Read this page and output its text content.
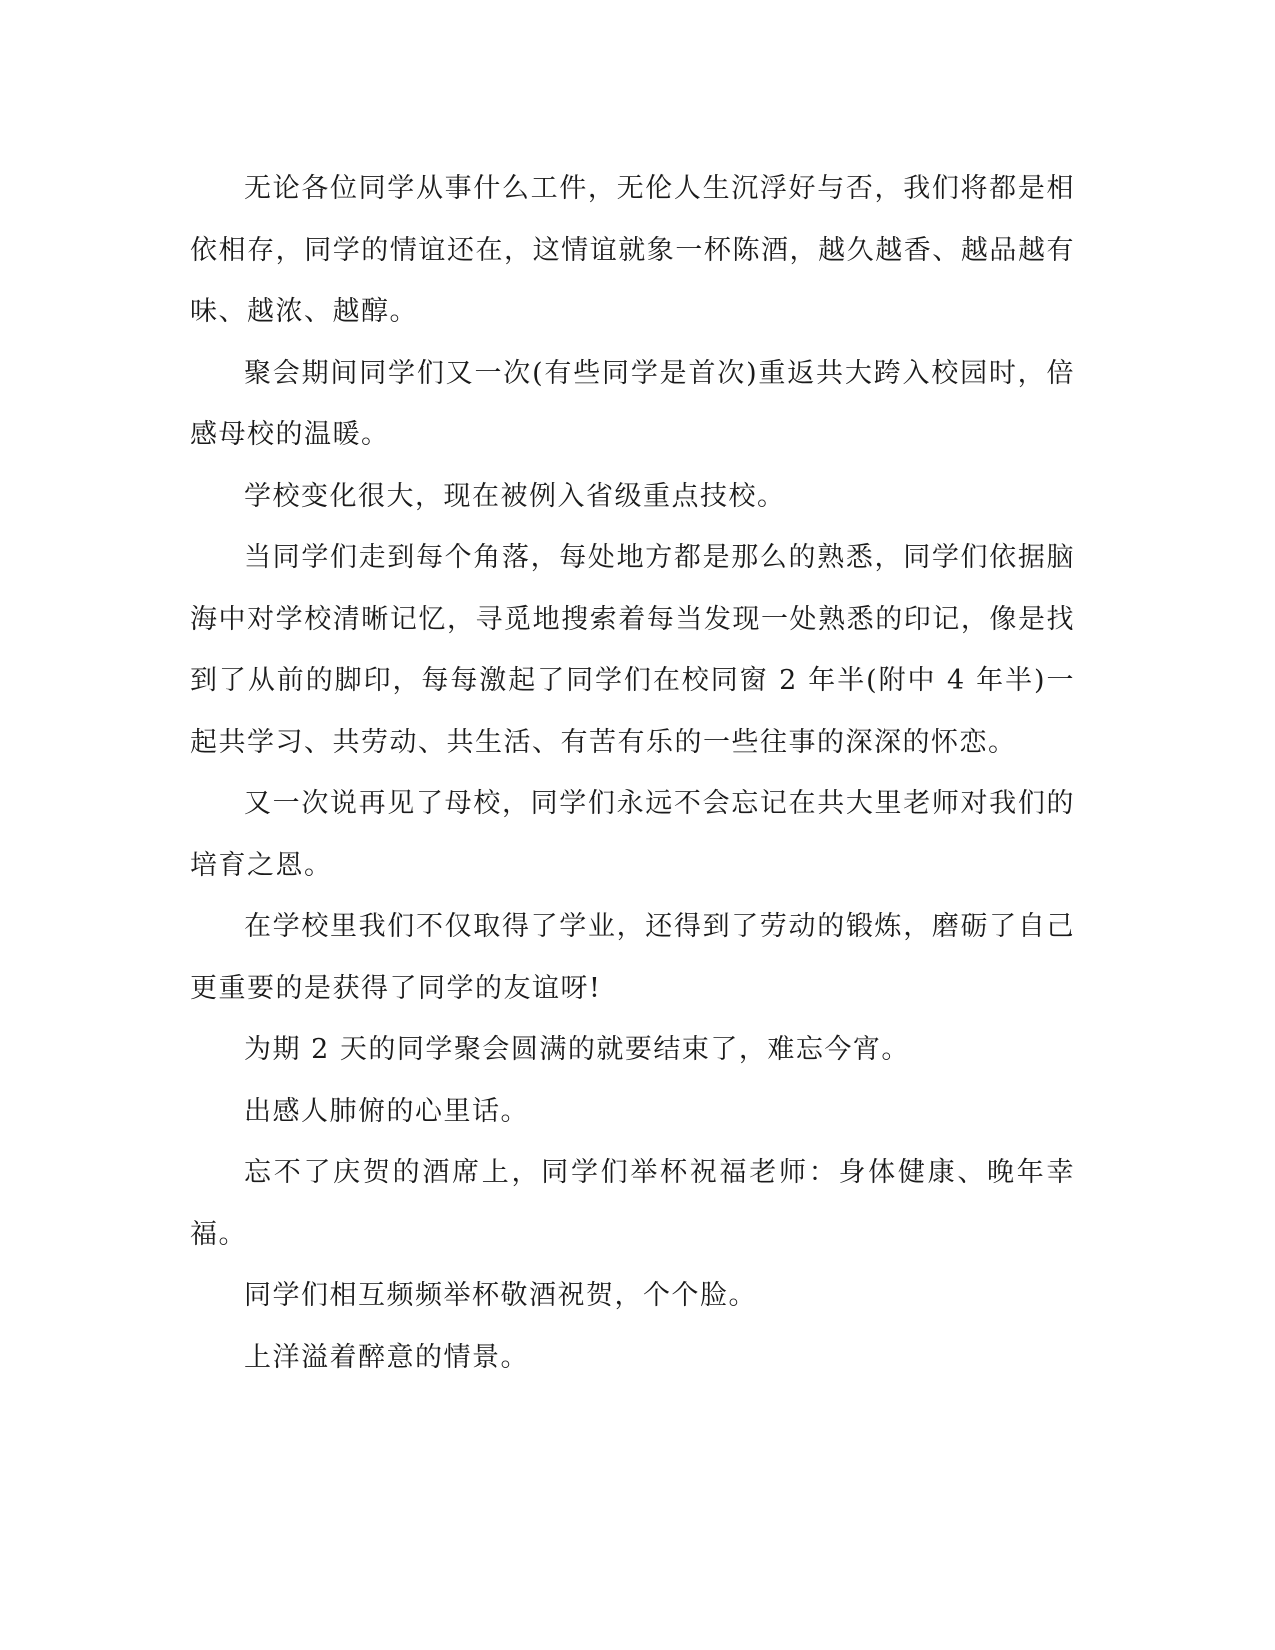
无论各位同学从事什么工件，无伦人生沉浮好与否，我们将都是相依相存，同学的情谊还在，这情谊就象一杯陈酒，越久越香、越品越有味、越浓、越醇。

聚会期间同学们又一次(有些同学是首次)重返共大跨入校园时，倍感母校的温暖。

学校变化很大，现在被例入省级重点技校。

当同学们走到每个角落，每处地方都是那么的熟悉，同学们依据脑海中对学校清晰记忆，寻觅地搜索着每当发现一处熟悉的印记，像是找到了从前的脚印，每每激起了同学们在校同窗 2 年半(附中 4 年半)一起共学习、共劳动、共生活、有苦有乐的一些往事的深深的怀恋。

又一次说再见了母校，同学们永远不会忘记在共大里老师对我们的培育之恩。

在学校里我们不仅取得了学业，还得到了劳动的锻炼，磨砺了自己更重要的是获得了同学的友谊呀!

为期 2 天的同学聚会圆满的就要结束了，难忘今宵。

出感人肺俯的心里话。

忘不了庆贺的酒席上，同学们举杯祝福老师：身体健康、晚年幸福。

同学们相互频频举杯敬酒祝贺，个个脸。

上洋溢着醉意的情景。
